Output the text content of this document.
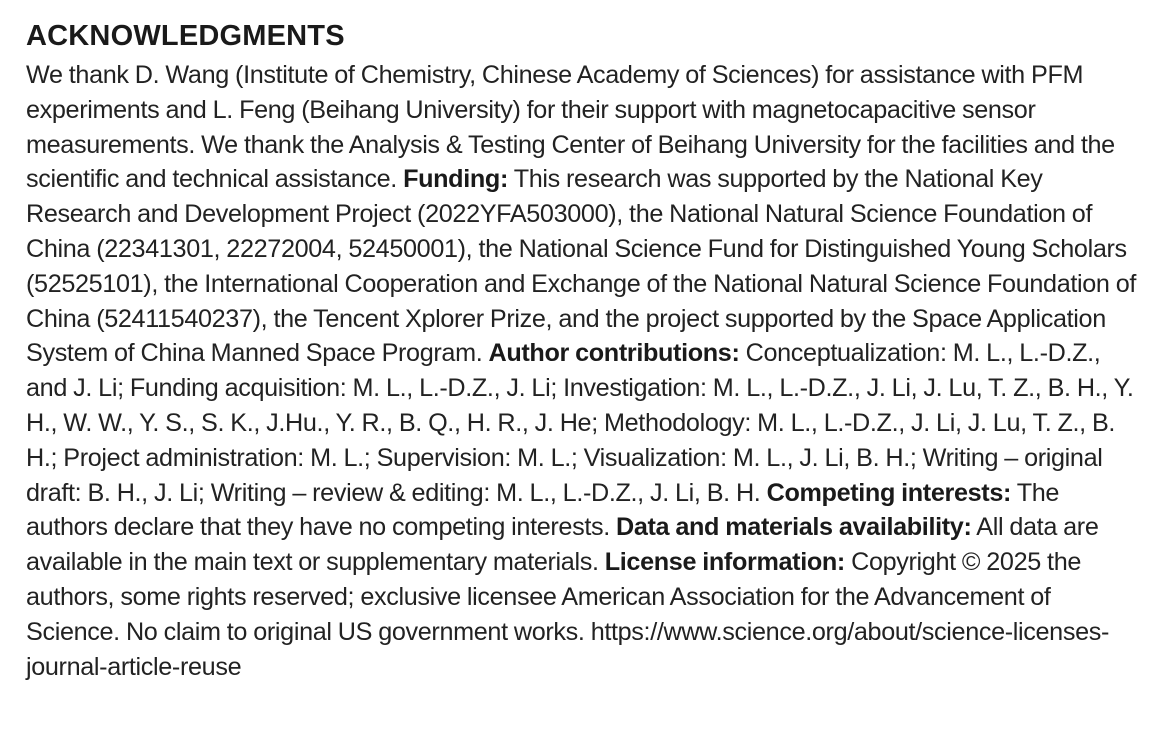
ACKNOWLEDGMENTS

We thank D. Wang (Institute of Chemistry, Chinese Academy of Sciences) for assistance with PFM experiments and L. Feng (Beihang University) for their support with magnetocapacitive sensor measurements. We thank the Analysis & Testing Center of Beihang University for the facilities and the scientific and technical assistance. Funding: This research was supported by the National Key Research and Development Project (2022YFA503000), the National Natural Science Foundation of China (22341301, 22272004, 52450001), the National Science Fund for Distinguished Young Scholars (52525101), the International Cooperation and Exchange of the National Natural Science Foundation of China (52411540237), the Tencent Xplorer Prize, and the project supported by the Space Application System of China Manned Space Program. Author contributions: Conceptualization: M. L., L.-D.Z., and J. Li; Funding acquisition: M. L., L.-D.Z., J. Li; Investigation: M. L., L.-D.Z., J. Li, J. Lu, T. Z., B. H., Y. H., W. W., Y. S., S. K., J.Hu., Y. R., B. Q., H. R., J. He; Methodology: M. L., L.-D.Z., J. Li, J. Lu, T. Z., B. H.; Project administration: M. L.; Supervision: M. L.; Visualization: M. L., J. Li, B. H.; Writing – original draft: B. H., J. Li; Writing – review & editing: M. L., L.-D.Z., J. Li, B. H. Competing interests: The authors declare that they have no competing interests. Data and materials availability: All data are available in the main text or supplementary materials. License information: Copyright © 2025 the authors, some rights reserved; exclusive licensee American Association for the Advancement of Science. No claim to original US government works. https://www.science.org/about/science-licenses-journal-article-reuse
